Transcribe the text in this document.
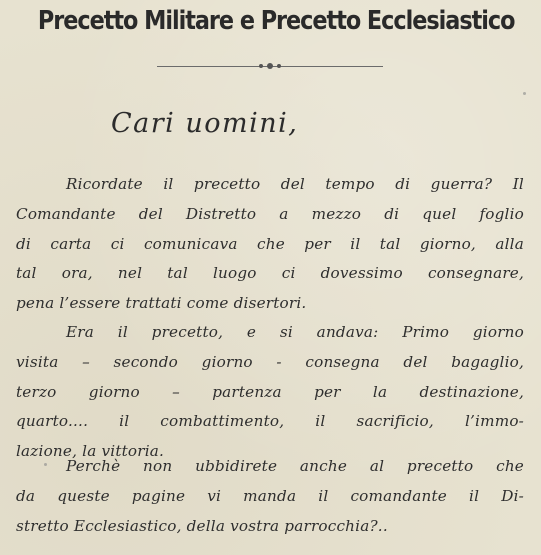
Precetto Militare e Precetto Ecclesiastico
Cari uomini,
Ricordate il precetto del tempo di guerra? Il
Comandante del Distretto a mezzo di quel foglio
di carta ci comunicava che per il tal giorno, alla
tal ora, nel tal luogo ci dovessimo consegnare,
pena l’essere trattati come disertori.
Era il precetto, e si andava: Primo giorno
visita – secondo giorno - consegna del bagaglio,
terzo giorno – partenza per la destinazione,
quarto.... il combattimento, il sacrificio, l’immo-
lazione, la vittoria.
Perchè non ubbidirete anche al precetto che
da queste pagine vi manda il comandante il Di-
stretto Ecclesiastico, della vostra parrocchia?..
